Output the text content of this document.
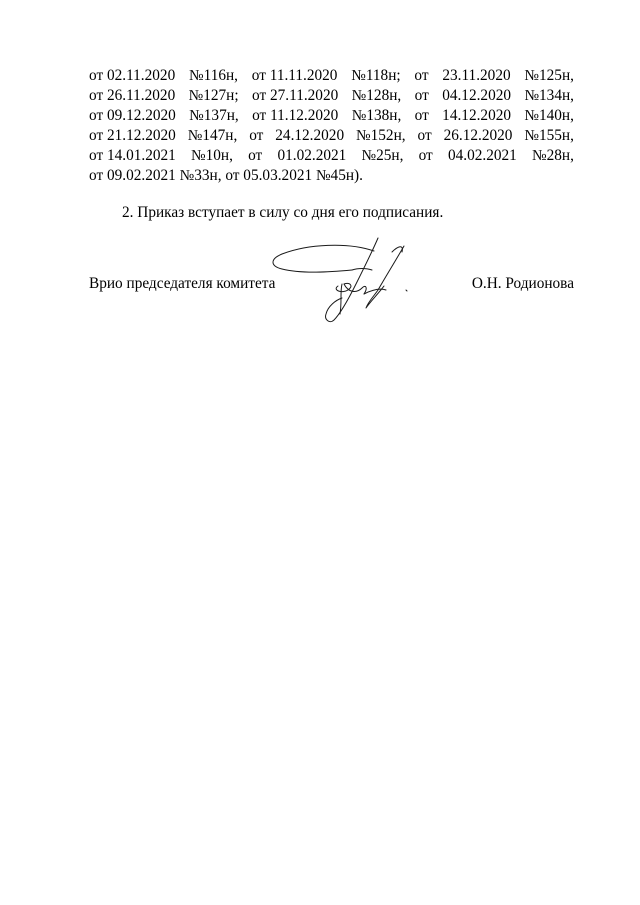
от 02.11.2020 №116н, от 11.11.2020 №118н; от 23.11.2020 №125н,
от 26.11.2020 №127н; от 27.11.2020 №128н, от 04.12.2020 №134н,
от 09.12.2020 №137н, от 11.12.2020 №138н, от 14.12.2020 №140н,
от 21.12.2020 №147н, от 24.12.2020 №152н, от 26.12.2020 №155н,
от 14.01.2021 №10н, от 01.02.2021 №25н, от 04.02.2021 №28н,
от 09.02.2021 №33н, от 05.03.2021 №45н).
2. Приказ вступает в силу со дня его подписания.
Врио председателя комитета	О.Н. Родионова
